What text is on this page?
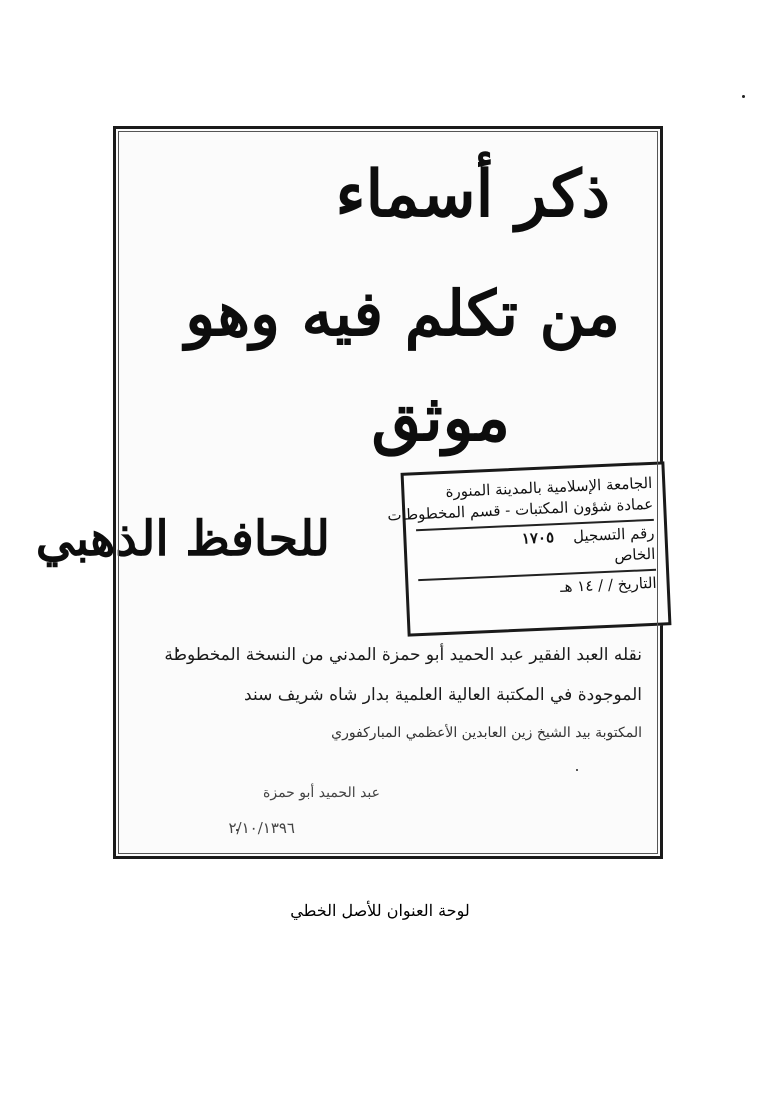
ذكر أسماء
من تكلم فيه وهو
موثق
للحافظ الذهبي
الجامعة الإسلامية بالمدينة المنورة
عمادة شؤون المكتبات - قسم المخطوطات
رقم التسجيل    ١٧٠٥
الخاص
التاريخ / / ١٤ هـ
نقله العبد الفقير عبد الحميد أبو حمزة المدني من النسخة المخطوطة
الموجودة في المكتبة العالية العلمية بدار شاه شريف سند
المكتوبة بيد الشيخ زين العابدين الأعظمي المباركفوري
عبد الحميد أبو حمزة
٢/١٠/١٣٩٦
لوحة العنوان للأصل الخطي
